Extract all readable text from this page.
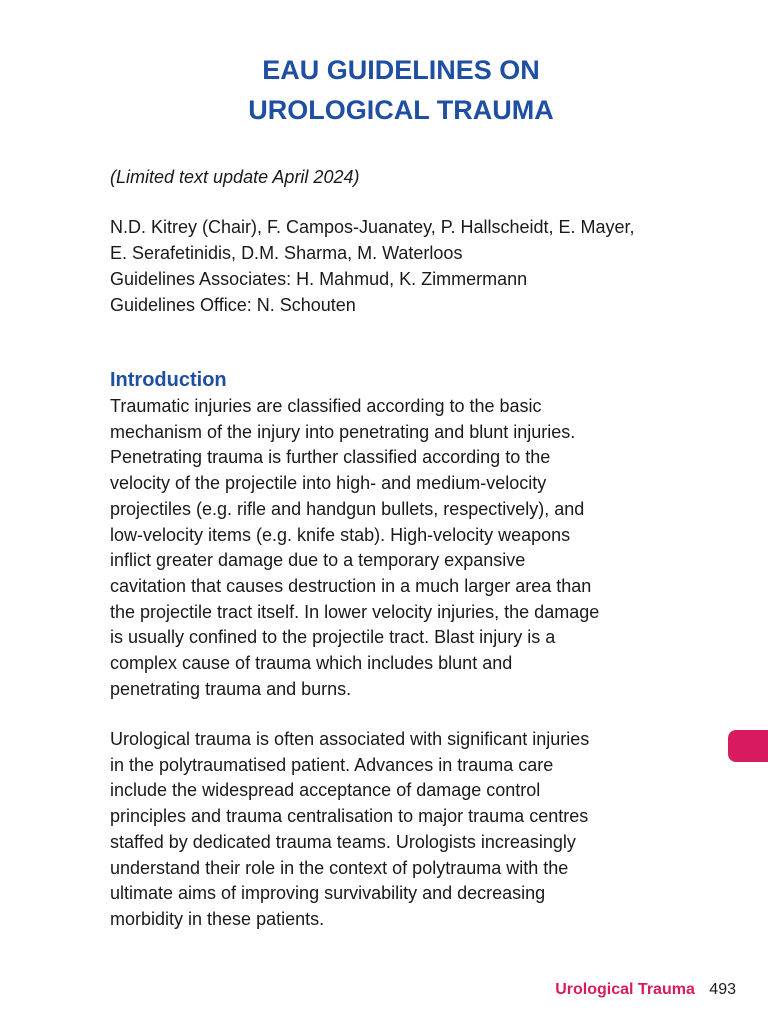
EAU GUIDELINES ON
UROLOGICAL TRAUMA

(Limited text update April 2024)

N.D. Kitrey (Chair), F. Campos-Juanatey, P. Hallscheidt, E. Mayer,
E. Serafetinidis, D.M. Sharma, M. Waterloos
Guidelines Associates: H. Mahmud, K. Zimmermann
Guidelines Office: N. Schouten
Introduction
Traumatic injuries are classified according to the basic
mechanism of the injury into penetrating and blunt injuries.
Penetrating trauma is further classified according to the
velocity of the projectile into high- and medium-velocity
projectiles (e.g. rifle and handgun bullets, respectively), and
low-velocity items (e.g. knife stab). High-velocity weapons
inflict greater damage due to a temporary expansive
cavitation that causes destruction in a much larger area than
the projectile tract itself. In lower velocity injuries, the damage
is usually confined to the projectile tract. Blast injury is a
complex cause of trauma which includes blunt and
penetrating trauma and burns.
Urological trauma is often associated with significant injuries
in the polytraumatised patient. Advances in trauma care
include the widespread acceptance of damage control
principles and trauma centralisation to major trauma centres
staffed by dedicated trauma teams. Urologists increasingly
understand their role in the context of polytrauma with the
ultimate aims of improving survivability and decreasing
morbidity in these patients.
Urological Trauma 493
